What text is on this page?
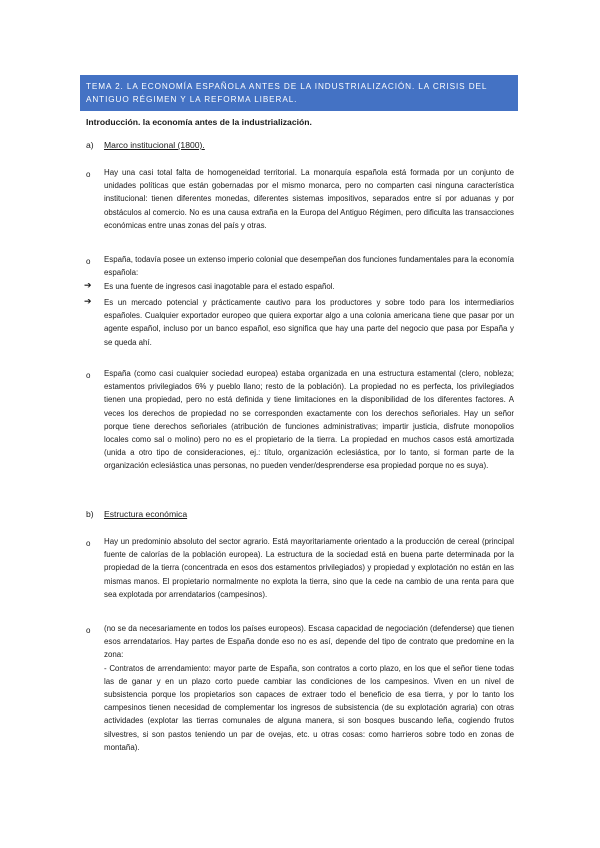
TEMA 2. LA ECONOMÍA ESPAÑOLA ANTES DE LA INDUSTRIALIZACIÓN. LA CRISIS DEL
ANTIGUO RÉGIMEN Y LA REFORMA LIBERAL.
Introducción. la economía antes de la industrialización.
a) Marco institucional (1800).
o Hay una casi total falta de homogeneidad territorial. La monarquía española está formada por un conjunto de unidades políticas que están gobernadas por el mismo monarca, pero no comparten casi ninguna característica institucional: tienen diferentes monedas, diferentes sistemas impositivos, separados entre sí por aduanas y por obstáculos al comercio. No es una causa extraña en la Europa del Antiguo Régimen, pero dificulta las transacciones económicas entre unas zonas del país y otras.

o España, todavía posee un extenso imperio colonial que desempeñan dos funciones fundamentales para la economía española:

➔ Es una fuente de ingresos casi inagotable para el estado español.

➔ Es un mercado potencial y prácticamente cautivo para los productores y sobre todo para los intermediarios españoles. Cualquier exportador europeo que quiera exportar algo a una colonia americana tiene que pasar por un agente español, incluso por un banco español, eso significa que hay una parte del negocio que pasa por España y se queda ahí.

o España (como casi cualquier sociedad europea) estaba organizada en una estructura estamental (clero, nobleza; estamentos privilegiados 6% y pueblo llano; resto de la población). La propiedad no es perfecta, los privilegiados tienen una propiedad, pero no está definida y tiene limitaciones en la disponibilidad de los diferentes factores. A veces los derechos de propiedad no se corresponden exactamente con los derechos señoriales. Hay un señor porque tiene derechos señoriales (atribución de funciones administrativas; impartir justicia, disfrute monopolios locales como sal o molino) pero no es el propietario de la tierra. La propiedad en muchos casos está amortizada (unida a otro tipo de consideraciones, ej.: título, organización eclesiástica, por lo tanto, si forman parte de la organización eclesiástica unas personas, no pueden vender/desprenderse esa propiedad porque no es suya).

b) Estructura económica
o Hay un predominio absoluto del sector agrario. Está mayoritariamente orientado a la producción de cereal (principal fuente de calorías de la población europea). La estructura de la sociedad está en buena parte determinada por la propiedad de la tierra (concentrada en esos dos estamentos privilegiados) y propiedad y explotación no están en las mismas manos. El propietario normalmente no explota la tierra, sino que la cede na cambio de una renta para que sea explotada por arrendatarios (campesinos).

o (no se da necesariamente en todos los países europeos). Escasa capacidad de negociación (defenderse) que tienen esos arrendatarios. Hay partes de España donde eso no es así, depende del tipo de contrato que predomine en la zona:

- Contratos de arrendamiento: mayor parte de España, son contratos a corto plazo, en los que el señor tiene todas las de ganar y en un plazo corto puede cambiar las condiciones de los campesinos. Viven en un nivel de subsistencia porque los propietarios son capaces de extraer todo el beneficio de esa tierra, y por lo tanto los campesinos tienen necesidad de complementar los ingresos de subsistencia (de su explotación agraria) con otras actividades (explotar las tierras comunales de alguna manera, si son bosques buscando leña, cogiendo frutos silvestres, si son pastos teniendo un par de ovejas, etc. u otras cosas: como harrieros sobre todo en zonas de montaña).
